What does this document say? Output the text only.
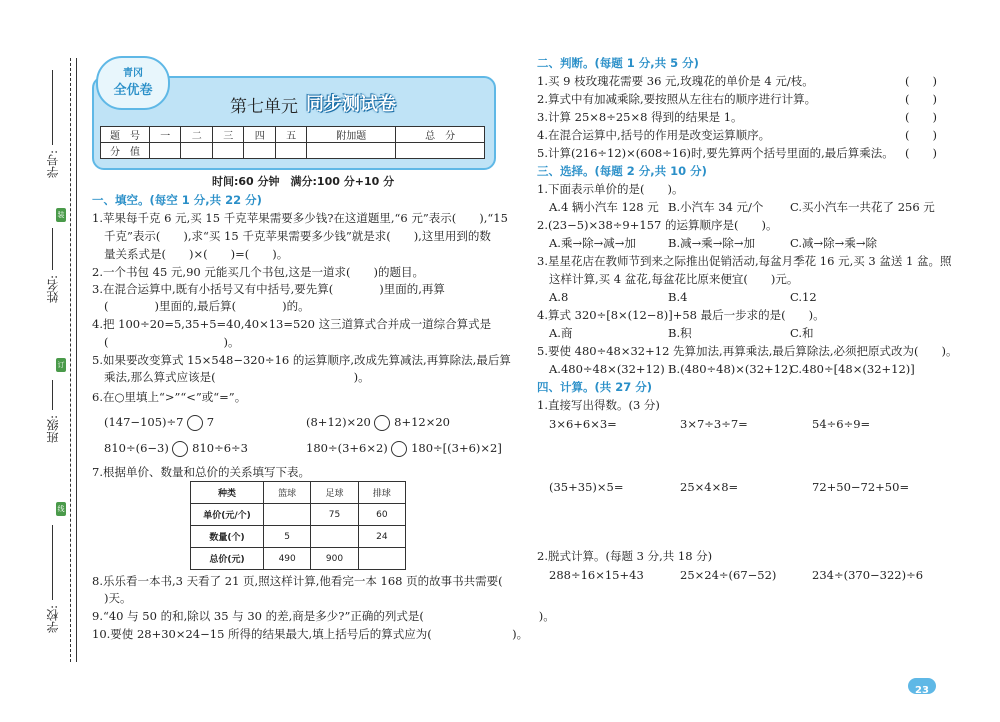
学号:
装
姓名:
订
班级:
线
学校:
青冈
全优卷
第七单元 同步测试卷
题　号	一	二	三	四	五	附加题	总　分
分　值							
时间:60 分钟　满分:100 分+10 分
一、填空。(每空 1 分,共 22 分)
1.苹果每千克 6 元,买 15 千克苹果需要多少钱?在这道题里,“6 元”表示(　　),“15
千克”表示(　　),求“买 15 千克苹果需要多少钱”就是求(　　),这里用到的数
量关系式是(　　)×(　　)=(　　)。
2.一个书包 45 元,90 元能买几个书包,这是一道求(　　)的题目。
3.在混合运算中,既有小括号又有中括号,要先算(　　　　)里面的,再算
(　　　　)里面的,最后算(　　　　)的。
4.把 100÷20=5,35+5=40,40×13=520 这三道算式合并成一道综合算式是
(　　　　　　　　　　)。
5.如果要改变算式 15×548−320÷16 的运算顺序,改成先算减法,再算除法,最后算
乘法,那么算式应该是(　　　　　　　　　　　　)。
6.在○里填上“>”“<”或“=”。
(147−105)÷7 7	(8+12)×20 8+12×20
810÷(6−3) 810÷6÷3	180÷(3+6×2) 180÷[(3+6)×2]
7.根据单价、数量和总价的关系填写下表。
种类	篮球	足球	排球
单价(元/个)		75	60
数量(个)	5		24
总价(元)	490	900	
8.乐乐看一本书,3 天看了 21 页,照这样计算,他看完一本 168 页的故事书共需要(
)天。
9.“40 与 50 的和,除以 35 与 30 的差,商是多少?”正确的列式是(　　　　　　　　　　)。
10.要使 28+30×24−15 所得的结果最大,填上括号后的算式应为(　　　　　　　)。
二、判断。(每题 1 分,共 5 分)
1.买 9 枝玫瑰花需要 36 元,玫瑰花的单价是 4 元/枝。	(　　)
2.算式中有加减乘除,要按照从左往右的顺序进行计算。	(　　)
3.计算 25×8÷25×8 得到的结果是 1。	(　　)
4.在混合运算中,括号的作用是改变运算顺序。	(　　)
5.计算(216÷12)×(608÷16)时,要先算两个括号里面的,最后算乘法。 (　　)
三、选择。(每题 2 分,共 10 分)
1.下面表示单价的是(　　)。
A.4 辆小汽车 128 元 B.小汽车 34 元/个 C.买小汽车一共花了 256 元
2.(23−5)×38÷9+157 的运算顺序是(　　)。
A.乘→除→减→加	B.减→乘→除→加	C.减→除→乘→除
3.星星花店在教师节到来之际推出促销活动,每盆月季花 16 元,买 3 盆送 1 盆。照
这样计算,买 4 盆花,每盆花比原来便宜(　　)元。
A.8	B.4	C.12
4.算式 320÷[8×(12−8)]+58 最后一步求的是(　　)。
A.商	B.积	C.和
5.要使 480÷48×32+12 先算加法,再算乘法,最后算除法,必须把原式改为(　　)。
A.480÷48×(32+12) B.(480÷48)×(32+12)
C.480÷[48×(32+12)]
四、计算。(共 27 分)
1.直接写出得数。(3 分)
3×6+6×3=	3×7÷3÷7=	54÷6÷9=
(35+35)×5=	25×4×8=	72+50−72+50=
2.脱式计算。(每题 3 分,共 18 分)
288÷16×15+43	25×24÷(67−52)	234÷(370−322)÷6
23
